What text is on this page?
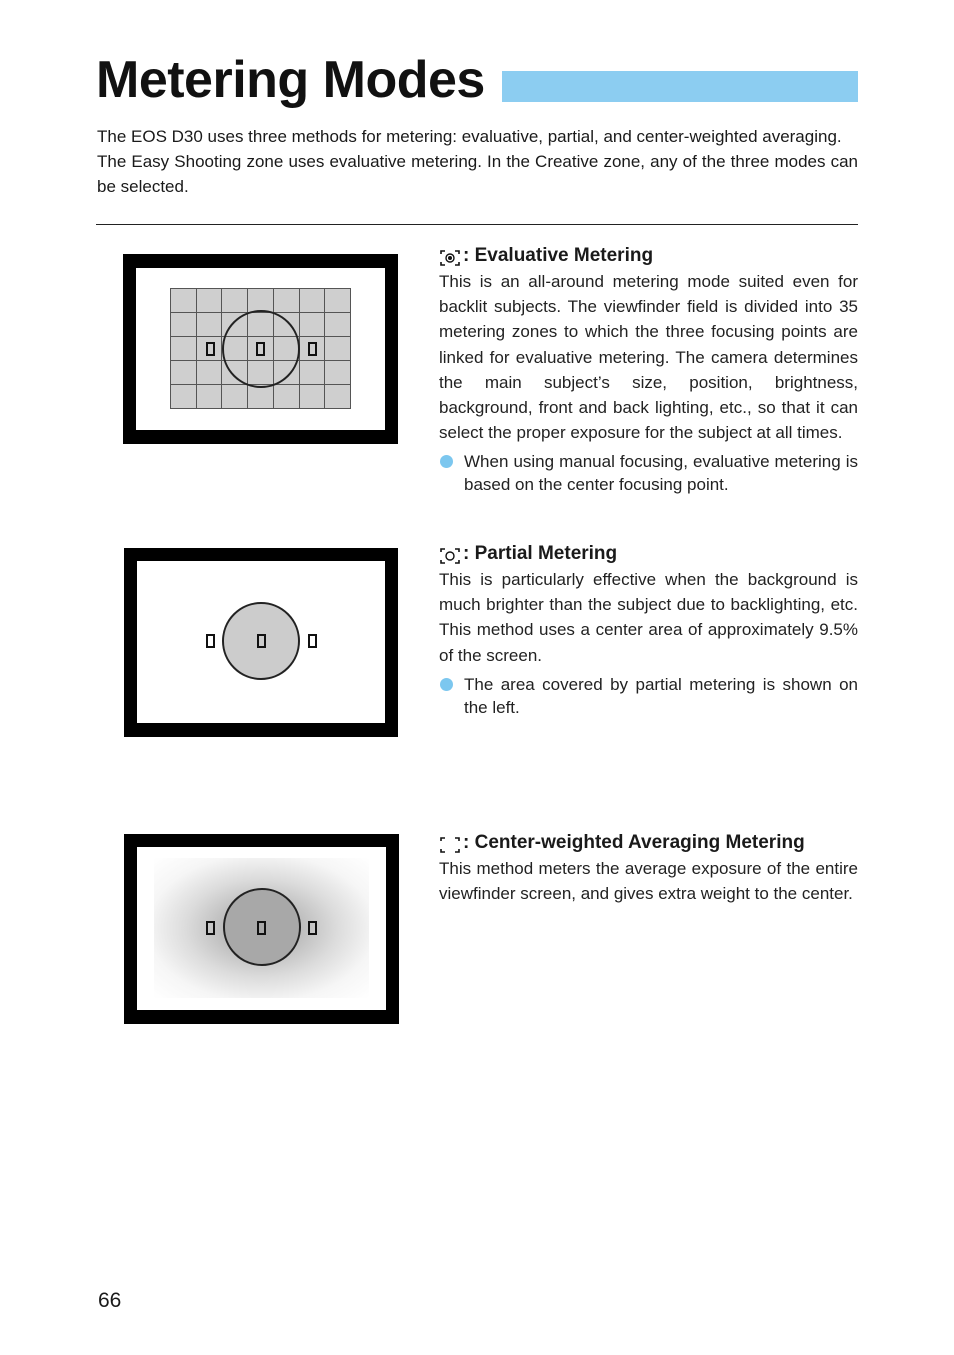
Metering Modes

The EOS D30 uses three methods for metering: evaluative, partial, and center-weighted averaging.

The Easy Shooting zone uses evaluative metering. In the Creative zone, any of the three modes can be selected.

: Evaluative Metering

This is an all-around metering mode suited even for backlit subjects. The viewfinder field is divided into 35 metering zones to which the three focusing points are linked for evaluative metering. The camera determines the main subject’s size, position, brightness, background, front and back lighting, etc., so that it can select the proper exposure for the subject at all times.

When using manual focusing, evaluative metering is based on the center focusing point.
: Partial Metering

This is particularly effective when the background is much brighter than the subject due to backlighting, etc. This method uses a center area of approximately 9.5% of the screen.

The area covered by partial metering is shown on the left.
: Center-weighted Averaging Metering

This method meters the average exposure of the entire viewfinder screen, and gives extra weight to the center.

66
